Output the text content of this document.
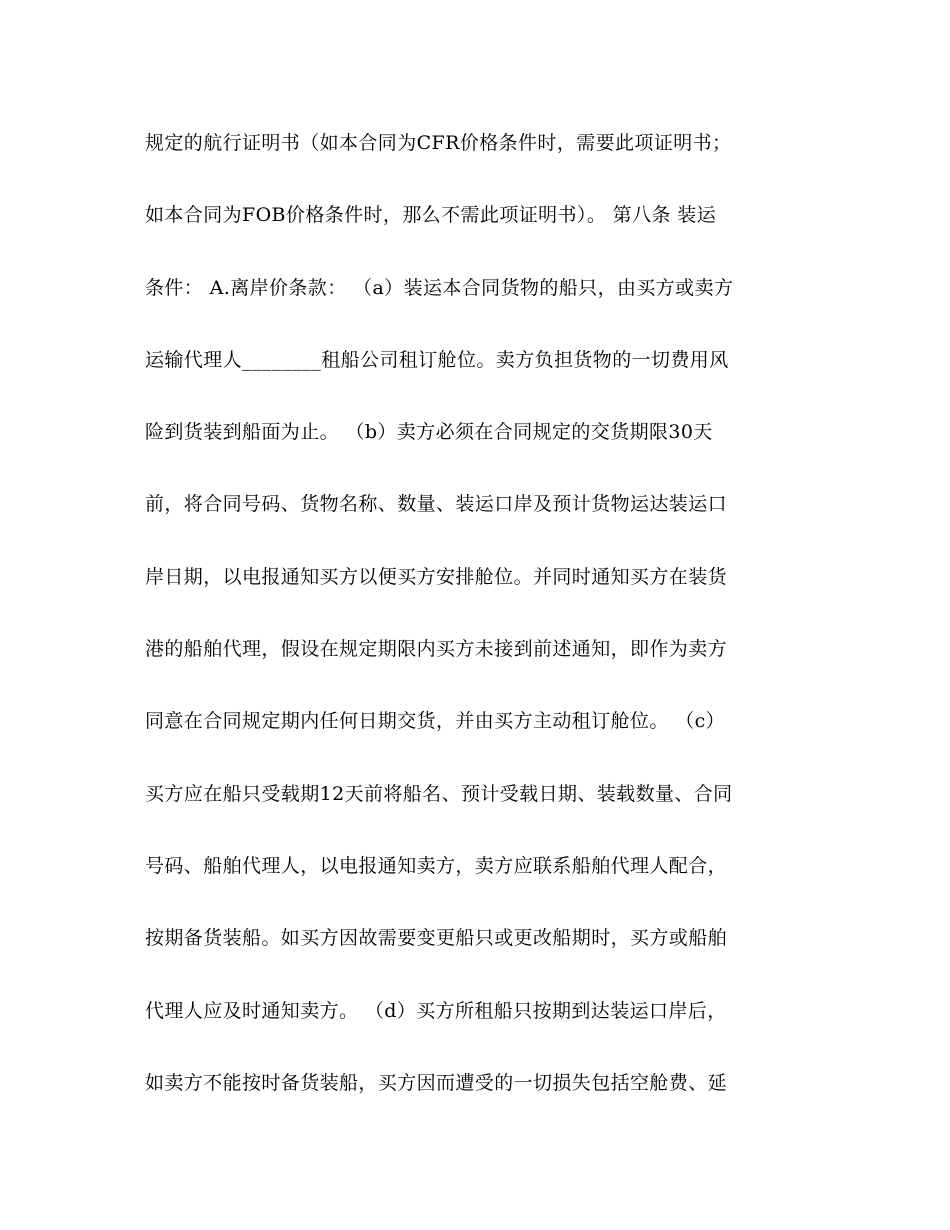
规定的航行证明书（如本合同为CFR价格条件时，需要此项证明书；
如本合同为FOB价格条件时，那么不需此项证明书）。 第八条 装运
条件： A.离岸价条款： （a）装运本合同货物的船只，由买方或卖方
运输代理人________租船公司租订舱位。卖方负担货物的一切费用风
险到货装到船面为止。 （b）卖方必须在合同规定的交货期限30天
前，将合同号码、货物名称、数量、装运口岸及预计货物运达装运口
岸日期，以电报通知买方以便买方安排舱位。并同时通知买方在装货
港的船舶代理，假设在规定期限内买方未接到前述通知，即作为卖方
同意在合同规定期内任何日期交货，并由买方主动租订舱位。 （c）
买方应在船只受载期12天前将船名、预计受载日期、装载数量、合同
号码、船舶代理人，以电报通知卖方，卖方应联系船舶代理人配合，
按期备货装船。如买方因故需要变更船只或更改船期时，买方或船舶
代理人应及时通知卖方。 （d）买方所租船只按期到达装运口岸后，
如卖方不能按时备货装船，买方因而遭受的一切损失包括空舱费、延
